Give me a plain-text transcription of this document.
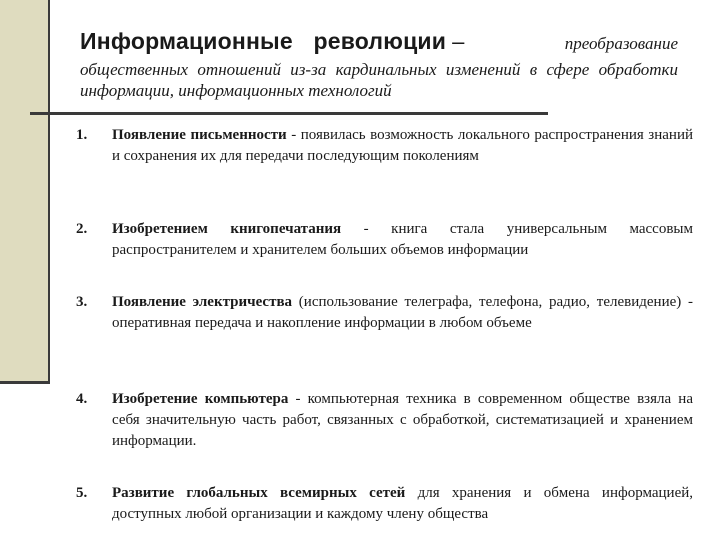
Информационные революции –	преобразование
общественных отношений из-за кардинальных изменений в сфере обработки информации, информационных технологий
1.	Появление письменности - появилась возможность локального распространения знаний и сохранения их для передачи последующим поколениям
2.	Изобретением книгопечатания - книга стала универсальным массовым распространителем и хранителем больших объемов информации
3.	Появление электричества (использование телеграфа, телефона, радио, телевидение) - оперативная передача и накопление информации в любом объеме
4.	Изобретение компьютера - компьютерная техника в современном обществе взяла на себя значительную часть работ, связанных с обработкой, систематизацией и хранением информации.
5.	Развитие глобальных всемирных сетей для хранения и обмена информацией, доступных любой организации и каждому члену общества
